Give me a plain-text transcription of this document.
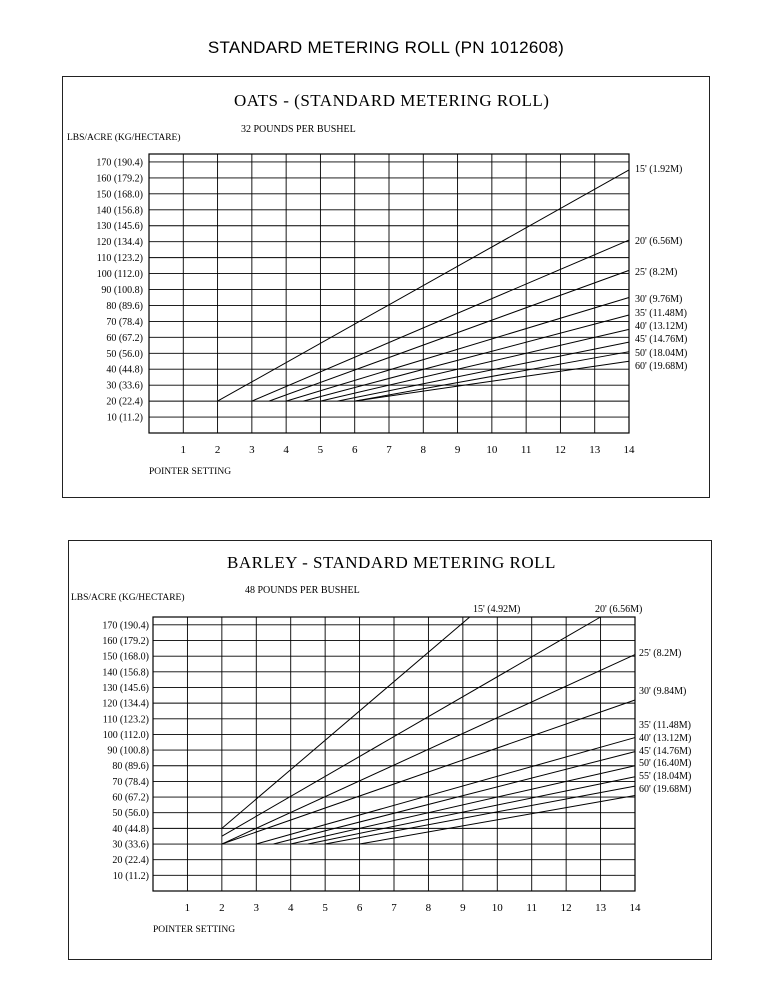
STANDARD METERING ROLL (PN 1012608)
OATS - (STANDARD METERING ROLL)
32 POUNDS PER BUSHEL
LBS/ACRE (KG/HECTARE)
POINTER SETTING
10 (11.2)
20 (22.4)
30 (33.6)
40 (44.8)
50 (56.0)
60 (67.2)
70 (78.4)
80 (89.6)
90 (100.8)
100 (112.0)
110 (123.2)
120 (134.4)
130 (145.6)
140 (156.8)
150 (168.0)
160 (179.2)
170 (190.4)
1	2	3	4	5	6	7	8	9 10 11 12 13 14
15' (1.92M)
20' (6.56M)
25' (8.2M)
30' (9.76M)
35' (11.48M)
40' (13.12M)
45' (14.76M)
50' (18.04M)
60' (19.68M)
BARLEY - STANDARD METERING ROLL
48 POUNDS PER BUSHEL
LBS/ACRE (KG/HECTARE)
POINTER SETTING
10 (11.2)
20 (22.4)
30 (33.6)
40 (44.8)
50 (56.0)
60 (67.2)
70 (78.4)
80 (89.6)
90 (100.8)
100 (112.0)
110 (123.2)
120 (134.4)
130 (145.6)
140 (156.8)
150 (168.0)
160 (179.2)
170 (190.4)
1	2	3	4	5	6	7	8	9 10 11 12 13 14
15' (4.92M)	20' (6.56M)
25' (8.2M)
30' (9.84M)
35' (11.48M)
40' (13.12M)
45' (14.76M)
50' (16.40M)
55' (18.04M)
60' (19.68M)
